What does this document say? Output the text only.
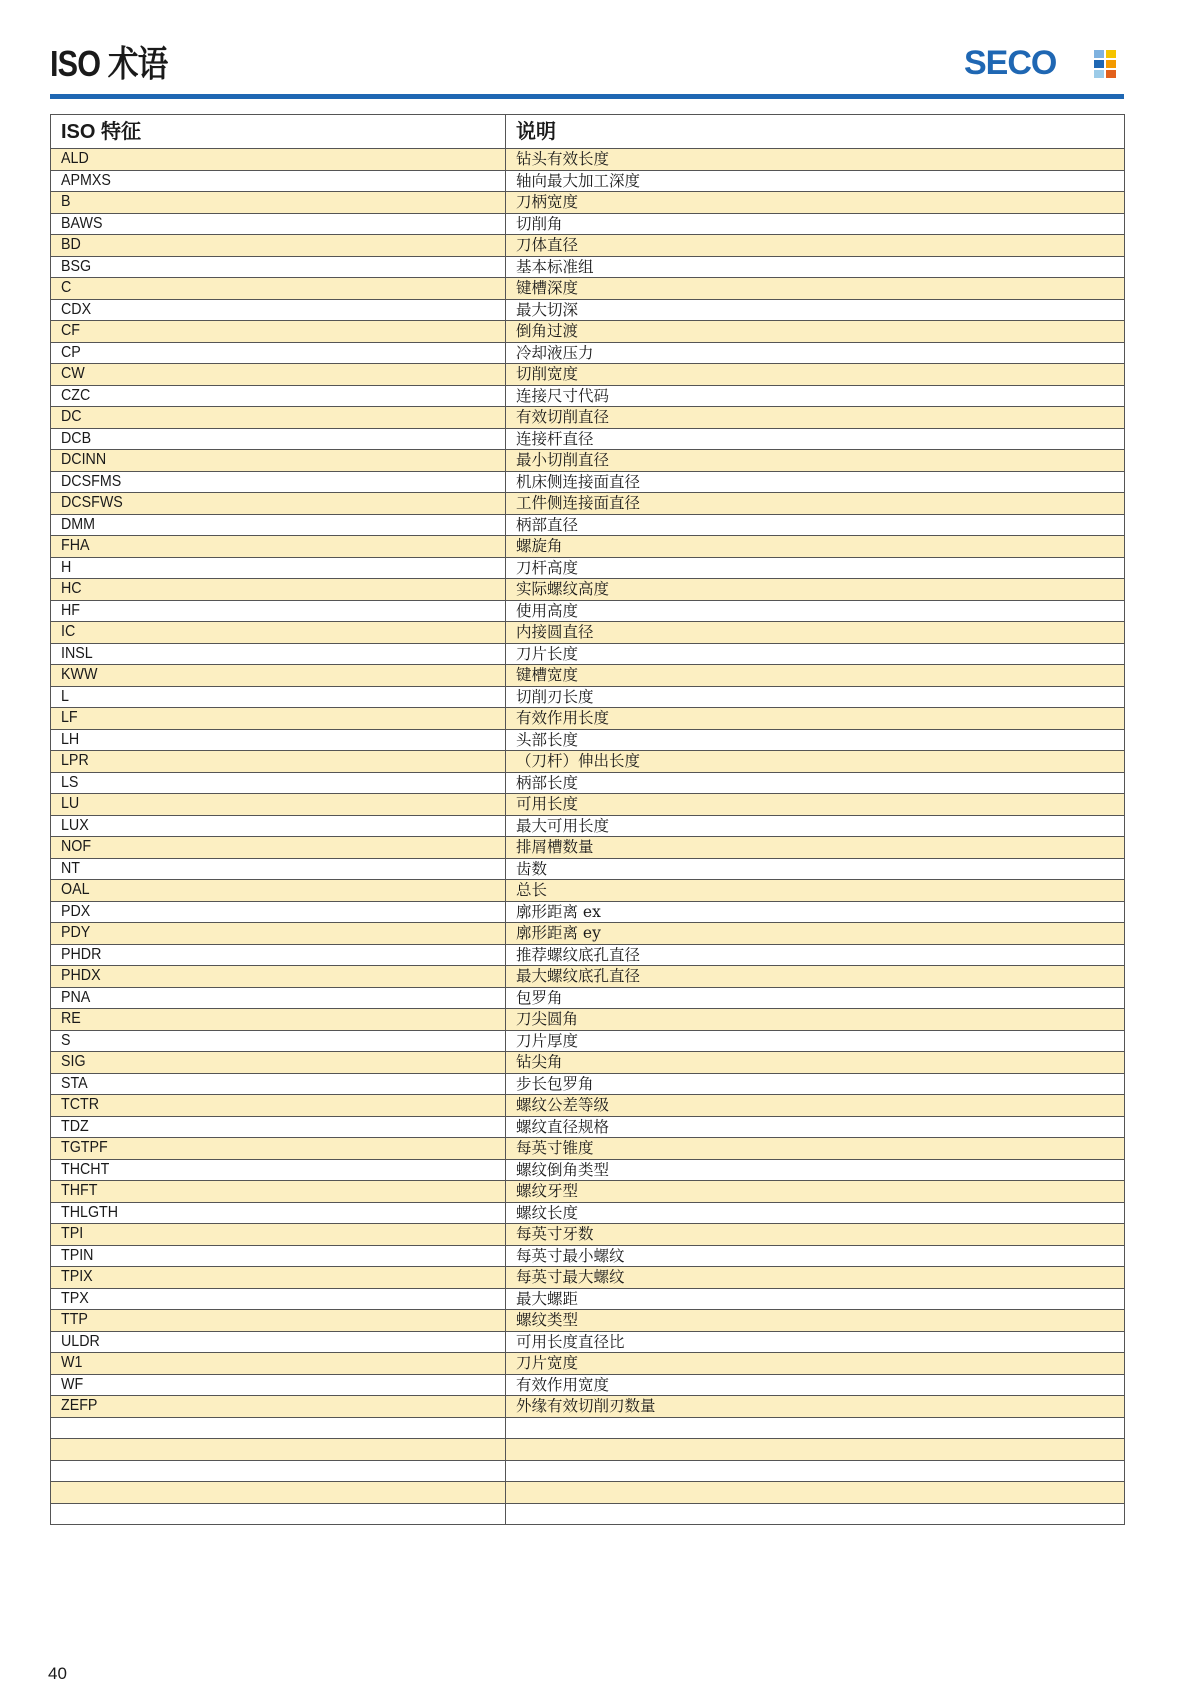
ISO 术语	SECO
ISO 特征	说明
ALD	钻头有效长度
APMXS	轴向最大加工深度
B	刀柄宽度
BAWS	切削角
BD	刀体直径
BSG	基本标准组
C	键槽深度
CDX	最大切深
CF	倒角过渡
CP	冷却液压力
CW	切削宽度
CZC	连接尺寸代码
DC	有效切削直径
DCB	连接杆直径
DCINN	最小切削直径
DCSFMS	机床侧连接面直径
DCSFWS	工件侧连接面直径
DMM	柄部直径
FHA	螺旋角
H	刀杆高度
HC	实际螺纹高度
HF	使用高度
IC	内接圆直径
INSL	刀片长度
KWW	键槽宽度
L	切削刃长度
LF	有效作用长度
LH	头部长度
LPR	（刀杆）伸出长度
LS	柄部长度
LU	可用长度
LUX	最大可用长度
NOF	排屑槽数量
NT	齿数
OAL	总长
PDX	廓形距离 ex
PDY	廓形距离 ey
PHDR	推荐螺纹底孔直径
PHDX	最大螺纹底孔直径
PNA	包罗角
RE	刀尖圆角
S	刀片厚度
SIG	钻尖角
STA	步长包罗角
TCTR	螺纹公差等级
TDZ	螺纹直径规格
TGTPF	每英寸锥度
THCHT	螺纹倒角类型
THFT	螺纹牙型
THLGTH	螺纹长度
TPI	每英寸牙数
TPIN	每英寸最小螺纹
TPIX	每英寸最大螺纹
TPX	最大螺距
TTP	螺纹类型
ULDR	可用长度直径比
W1	刀片宽度
WF	有效作用宽度
ZEFP	外缘有效切削刃数量

40
